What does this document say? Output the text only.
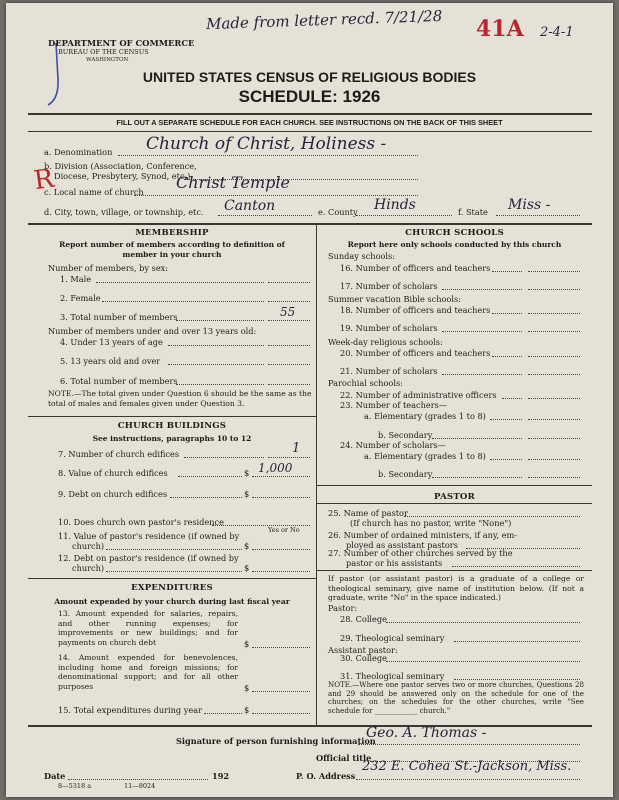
Made from letter recd. 7/21/28 41A 2-4-1
R
DEPARTMENT OF COMMERCE
BUREAU OF THE CENSUS
WASHINGTON
UNITED STATES CENSUS OF RELIGIOUS BODIES
SCHEDULE: 1926
FILL OUT A SEPARATE SCHEDULE FOR EACH CHURCH. SEE INSTRUCTIONS ON THE BACK OF THIS SHEET
a. Denomination Church of Christ, Holiness -
b. Division (Association, Conference,
Diocese, Presbytery, Synod, etc.)
c. Local name of church Christ Temple
d. City, town, village, or township, etc. Canton	e. County Hinds	f. State Miss -
MEMBERSHIP
Report number of members according to definition of
member in your church
Number of members, by sex:
1. Male
2. Female
3. Total number of members	55
Number of members under and over 13 years old:
4. Under 13 years of age
5. 13 years old and over
6. Total number of members
NOTE.—The total given under Question 6 should be the same as the total of males and females given under Question 3.
CHURCH BUILDINGS
See instructions, paragraphs 10 to 12
7. Number of church edifices	1
8. Value of church edifices	$ 1,000
9. Debt on church edifices	$
10. Does church own pastor's residence
Yes or No
11. Value of pastor's residence (if owned by
church)	$
12. Debt on pastor's residence (if owned by
church)	$
EXPENDITURES
Amount expended by your church during last fiscal year
13. Amount expended for salaries, repairs, and other running expenses; for improvements or new buildings; and for payments on church debt	$
14. Amount expended for benevolences, including home and foreign missions; for denominational support; and for all other purposes	$
15. Total expenditures during year	$
CHURCH SCHOOLS
Report here only schools conducted by this church
Sunday schools:
16. Number of officers and teachers
17. Number of scholars
Summer vacation Bible schools:
18. Number of officers and teachers
19. Number of scholars
Week-day religious schools:
20. Number of officers and teachers
21. Number of scholars
Parochial schools:
22. Number of administrative officers
23. Number of teachers—
a. Elementary (grades 1 to 8)
b. Secondary
24. Number of scholars—
a. Elementary (grades 1 to 8)
b. Secondary
PASTOR
25. Name of pastor
(If church has no pastor, write "None")
26. Number of ordained ministers, if any, em-
ployed as assistant pastors
27. Number of other churches served by the
pastor or his assistants
If pastor (or assistant pastor) is a graduate of a college or theological seminary, give name of institution below. (If not a graduate, write "No" in the space indicated.)
Pastor:
28. College
29. Theological seminary
Assistant pastor:
30. College
31. Theological seminary
NOTE.—Where one pastor serves two or more churches, Questions 28 and 29 should be answered only on the schedule for one of the churches; on the schedules for the other churches, write "See schedule for ____________ church."
Signature of person furnishing information
Geo. A. Thomas -
Official title
Date	192	P. O. Address
232 E. Cohea St.-Jackson, Miss.
8—5318 a	11—8024
